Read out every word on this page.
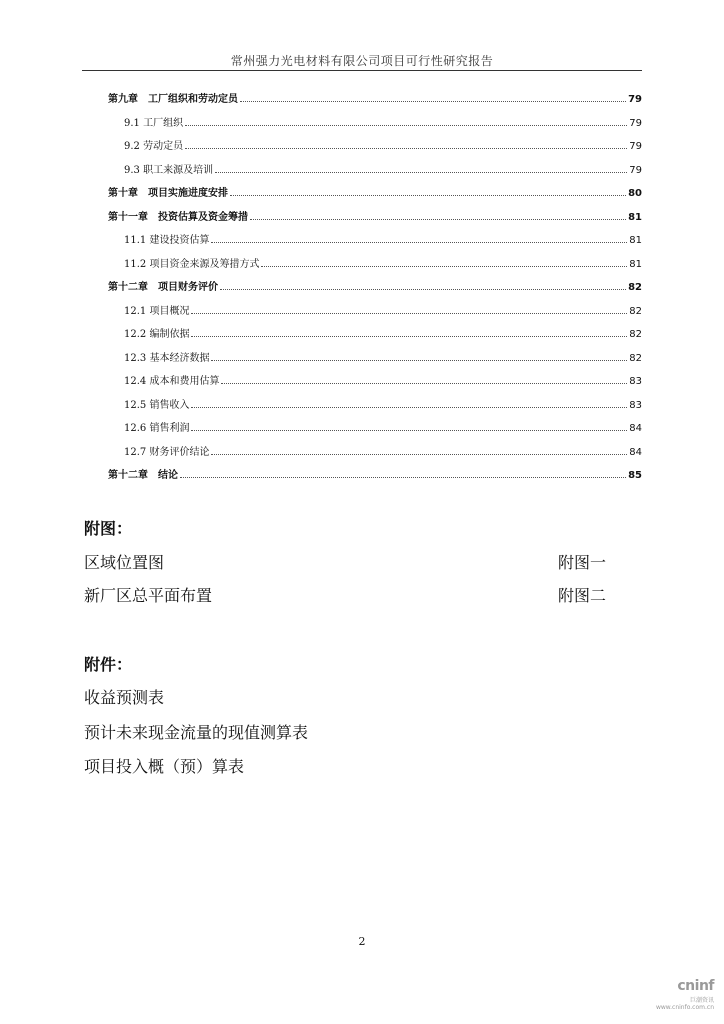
常州强力光电材料有限公司项目可行性研究报告
第九章　工厂组织和劳动定员	79
9.1 工厂组织	79
9.2 劳动定员	79
9.3 职工来源及培训	79
第十章　项目实施进度安排	80
第十一章　投资估算及资金筹措	81
11.1 建设投资估算	81
11.2 项目资金来源及筹措方式	81
第十二章　项目财务评价	82
12.1 项目概况	82
12.2 编制依据	82
12.3 基本经济数据	82
12.4 成本和费用估算	83
12.5 销售收入	83
12.6 销售利润	84
12.7 财务评价结论	84
第十二章　结论	85
附图：
区域位置图	附图一
新厂区总平面布置	附图二
附件：
收益预测表
预计未来现金流量的现值测算表
项目投入概（预）算表
2
cninf
巨潮资讯
www.cninfo.com.cn
